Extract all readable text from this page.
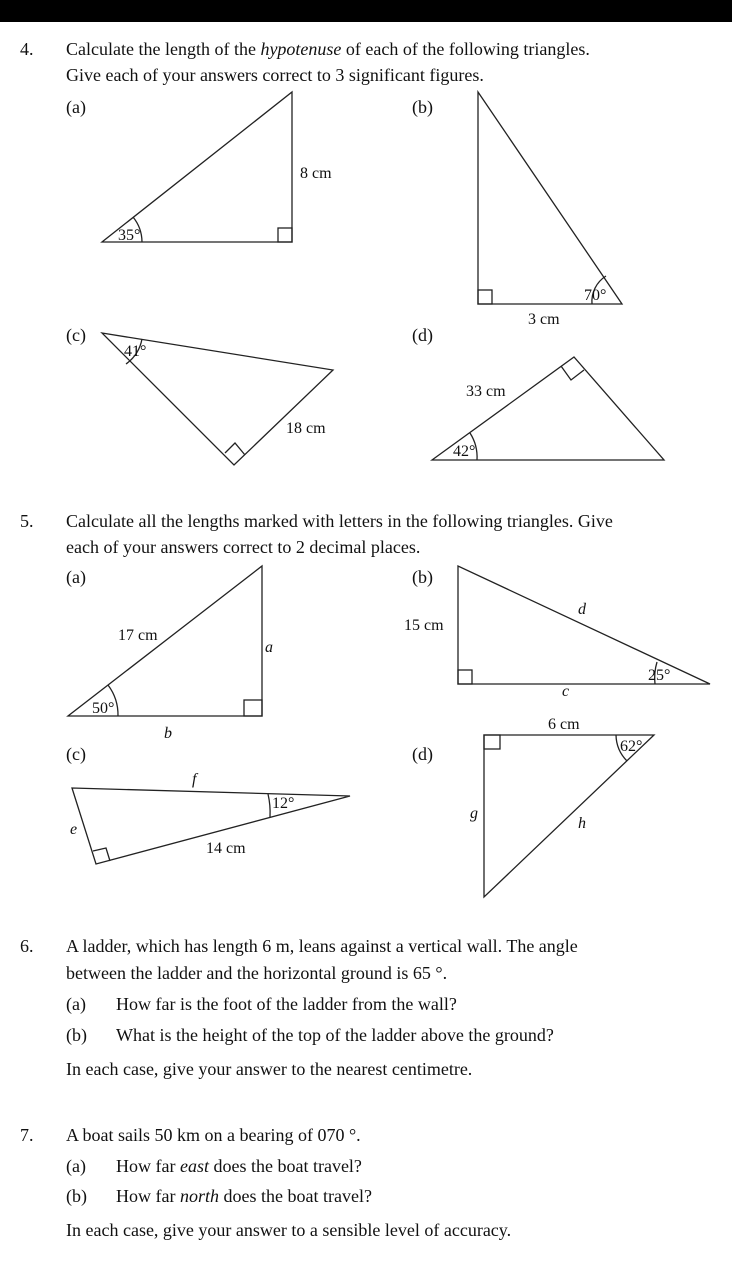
4. Calculate the length of the hypotenuse of each of the following triangles.
Give each of your answers correct to 3 significant figures.
(a)	(b)
(c)	(d)
5. Calculate all the lengths marked with letters in the following triangles. Give
each of your answers correct to 2 decimal places.
(a)	(b)
(c)	(d)
6. A ladder, which has length 6 m, leans against a vertical wall. The angle
between the ladder and the horizontal ground is 65 °.
(a) How far is the foot of the ladder from the wall?
(b) What is the height of the top of the ladder above the ground?
In each case, give your answer to the nearest centimetre.
7. A boat sails 50 km on a bearing of 070 °.
(a) How far east does the boat travel?
(b) How far north does the boat travel?
In each case, give your answer to a sensible level of accuracy.
8 cm
35°
70°
3 cm
41°
18 cm
42°
33 cm
50°
17 cm
a
b
25°
15 cm
d
c
12°
14 cm
f
e
62°
6 cm
g
h
